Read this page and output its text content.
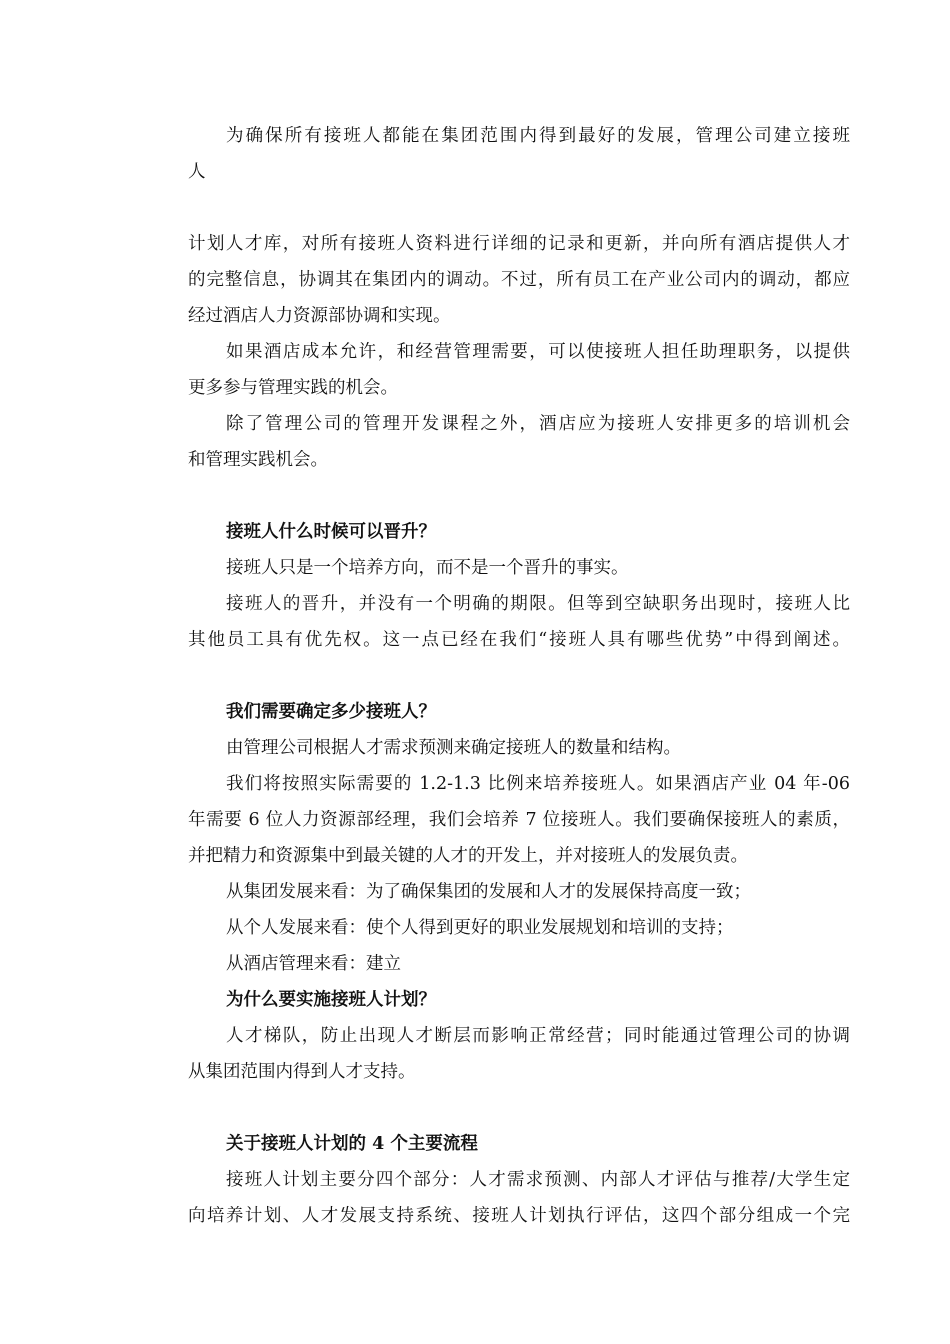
为确保所有接班人都能在集团范围内得到最好的发展，管理公司建立接班
人
计划人才库，对所有接班人资料进行详细的记录和更新，并向所有酒店提供人才
的完整信息，协调其在集团内的调动。不过，所有员工在产业公司内的调动，都应
经过酒店人力资源部协调和实现。
如果酒店成本允许，和经营管理需要，可以使接班人担任助理职务，以提供
更多参与管理实践的机会。
除了管理公司的管理开发课程之外，酒店应为接班人安排更多的培训机会
和管理实践机会。
接班人什么时候可以晋升？
接班人只是一个培养方向，而不是一个晋升的事实。
接班人的晋升，并没有一个明确的期限。但等到空缺职务出现时，接班人比
其他员工具有优先权。这一点已经在我们“接班人具有哪些优势”中得到阐述。
我们需要确定多少接班人？
由管理公司根据人才需求预测来确定接班人的数量和结构。
我们将按照实际需要的 1.2-1.3 比例来培养接班人。如果酒店产业 04 年-06
年需要 6 位人力资源部经理，我们会培养 7 位接班人。我们要确保接班人的素质，
并把精力和资源集中到最关键的人才的开发上，并对接班人的发展负责。
从集团发展来看：为了确保集团的发展和人才的发展保持高度一致；
从个人发展来看：使个人得到更好的职业发展规划和培训的支持；
从酒店管理来看：建立
为什么要实施接班人计划？
人才梯队，防止出现人才断层而影响正常经营；同时能通过管理公司的协调
从集团范围内得到人才支持。
关于接班人计划的 4 个主要流程
接班人计划主要分四个部分：人才需求预测、内部人才评估与推荐/大学生定
向培养计划、人才发展支持系统、接班人计划执行评估，这四个部分组成一个完
